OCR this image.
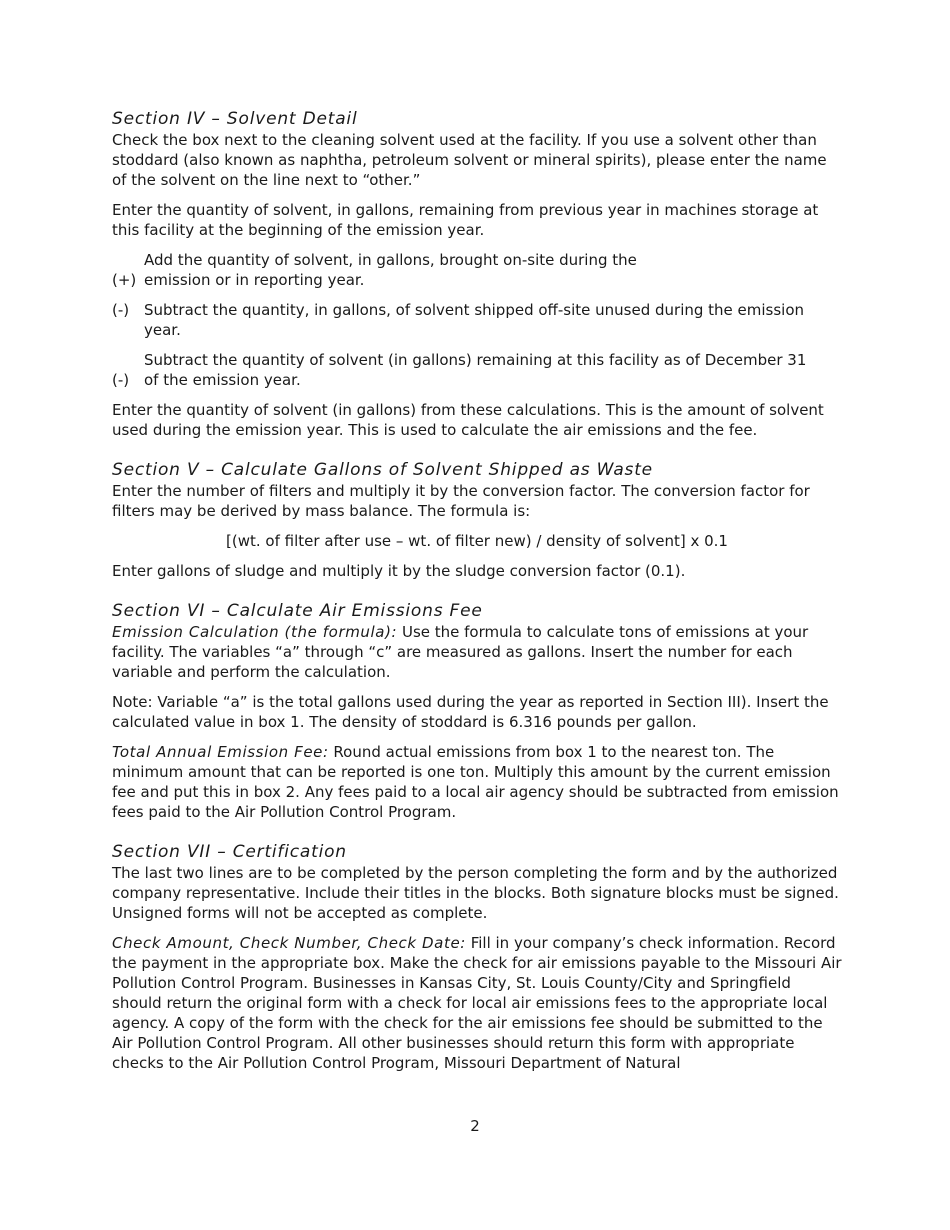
Section IV – Solvent Detail

Check the box next to the cleaning solvent used at the facility. If you use a solvent other than stoddard (also known as naphtha, petroleum solvent or mineral spirits), please enter the name of the solvent on the line next to “other.”

Enter the quantity of solvent, in gallons, remaining from previous year in machines storage at this facility at the beginning of the emission year.

(+)Add the quantity of solvent, in gallons, brought on-site during the emission or in reporting year.
(-) Subtract the quantity, in gallons, of solvent shipped off-site unused during the emission year.
(-)Subtract the quantity of solvent (in gallons) remaining at this facility as of December 31 of the emission year.

Enter the quantity of solvent (in gallons) from these calculations. This is the amount of solvent used during the emission year. This is used to calculate the air emissions and the fee.

Section V – Calculate Gallons of Solvent Shipped as Waste

Enter the number of filters and multiply it by the conversion factor. The conversion factor for filters may be derived by mass balance. The formula is:

[(wt. of filter after use – wt. of filter new) / density of solvent] x 0.1

Enter gallons of sludge and multiply it by the sludge conversion factor (0.1).

Section VI – Calculate Air Emissions Fee

Emission Calculation (the formula): Use the formula to calculate tons of emissions at your facility. The variables “a” through “c” are measured as gallons. Insert the number for each variable and perform the calculation.

Note: Variable “a” is the total gallons used during the year as reported in Section III). Insert the calculated value in box 1. The density of stoddard is 6.316 pounds per gallon.

Total Annual Emission Fee: Round actual emissions from box 1 to the nearest ton. The minimum amount that can be reported is one ton. Multiply this amount by the current emission fee and put this in box 2. Any fees paid to a local air agency should be subtracted from emission fees paid to the Air Pollution Control Program.

Section VII – Certification

The last two lines are to be completed by the person completing the form and by the authorized company representative. Include their titles in the blocks. Both signature blocks must be signed. Unsigned forms will not be accepted as complete.

Check Amount, Check Number, Check Date: Fill in your company’s check information. Record the payment in the appropriate box. Make the check for air emissions payable to the Missouri Air Pollution Control Program. Businesses in Kansas City, St. Louis County/City and Springfield should return the original form with a check for local air emissions fees to the appropriate local agency. A copy of the form with the check for the air emissions fee should be submitted to the Air Pollution Control Program. All other businesses should return this form with appropriate checks to the Air Pollution Control Program, Missouri Department of Natural

2
